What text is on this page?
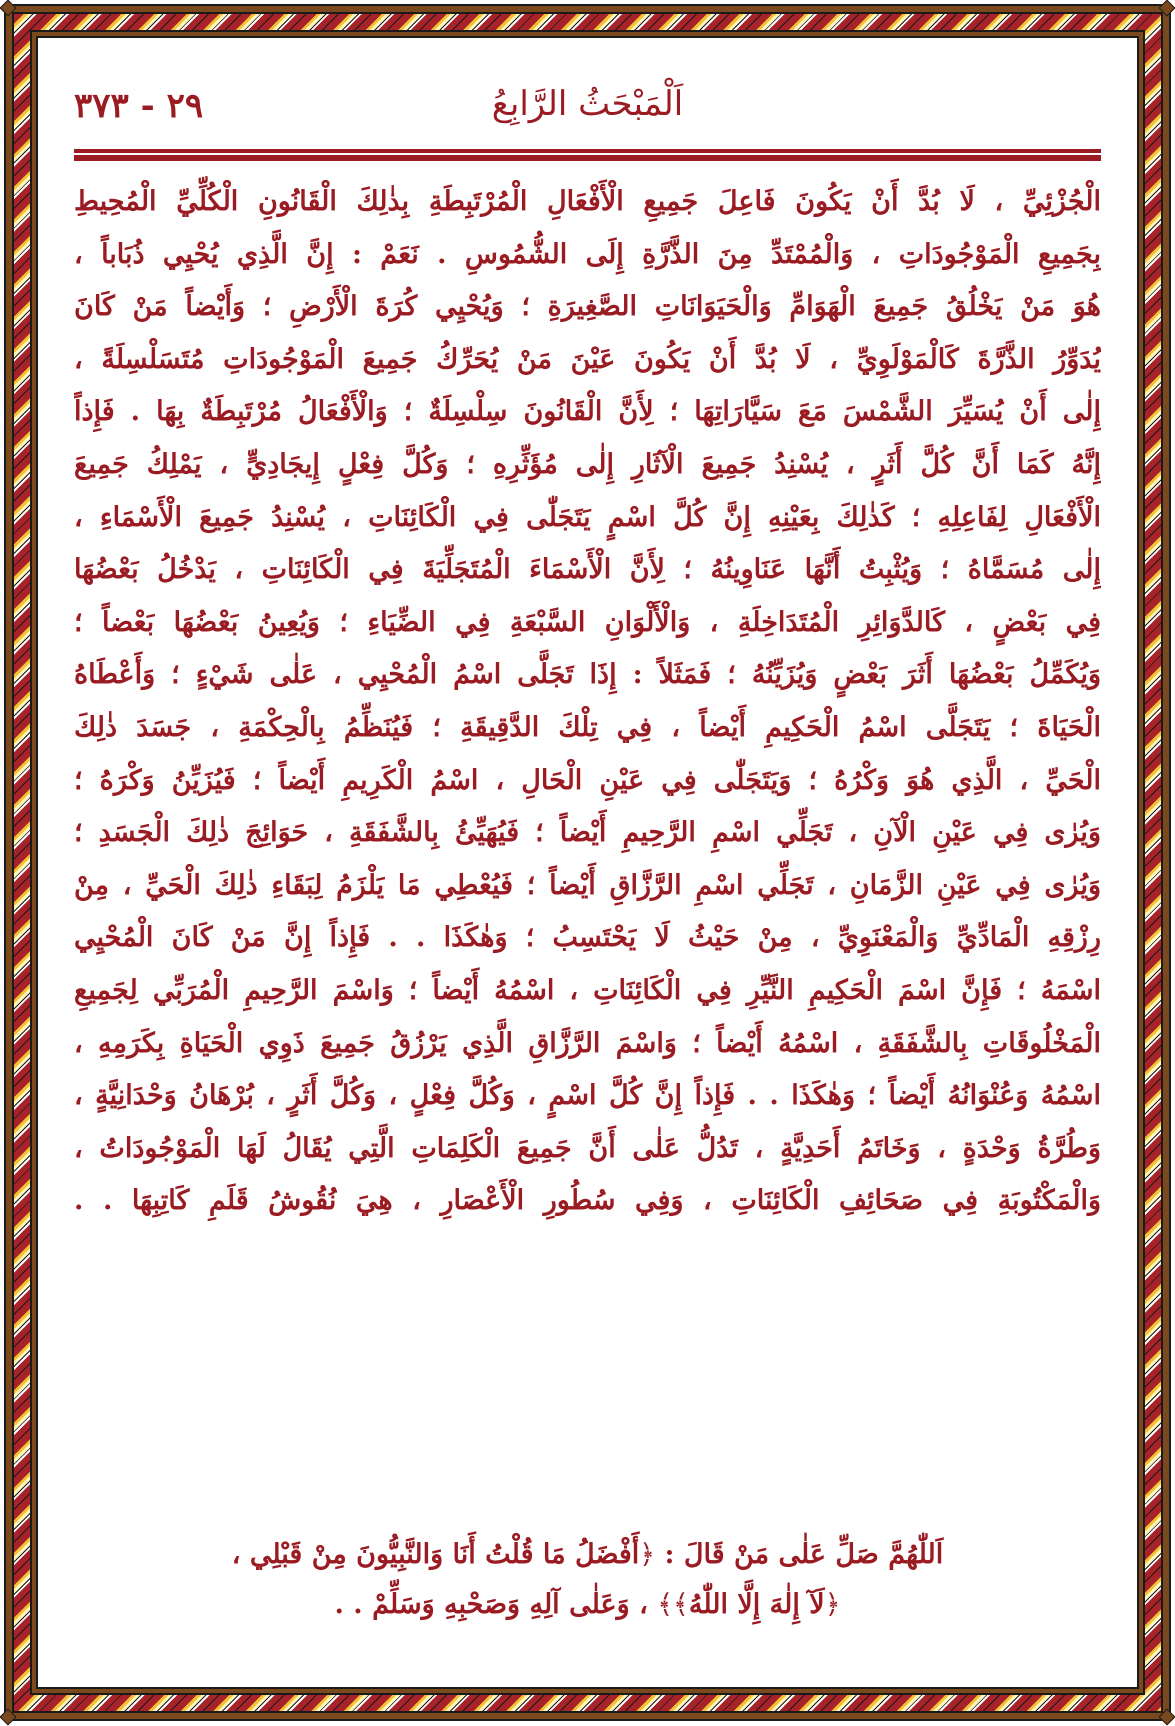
اَلْمَبْحَثُ الرَّابِعُ
٢٩ - ٣٧٣
الْجُزْئِيِّ ، لَا بُدَّ أَنْ يَكُونَ فَاعِلَ جَمِيعِ الْأَفْعَالِ الْمُرْتَبِطَةِ بِذٰلِكَ الْقَانُونِ الْكُلِّيِّ الْمُحِيطِ
بِجَمِيعِ الْمَوْجُودَاتِ ، وَالْمُمْتَدِّ مِنَ الذَّرَّةِ إِلَى الشُّمُوسِ . نَعَمْ : إِنَّ الَّذِي يُحْيِي ذُبَاباً ،
هُوَ مَنْ يَخْلُقُ جَمِيعَ الْهَوَامِّ وَالْحَيَوَانَاتِ الصَّغِيرَةِ ؛ وَيُحْيِي كُرَةَ الْأَرْضِ ؛ وَأَيْضاً مَنْ كَانَ
يُدَوِّرُ الذَّرَّةَ كَالْمَوْلَوِيِّ ، لَا بُدَّ أَنْ يَكُونَ عَيْنَ مَنْ يُحَرِّكُ جَمِيعَ الْمَوْجُودَاتِ مُتَسَلْسِلَةً ،
إِلٰى أَنْ يُسَيِّرَ الشَّمْسَ مَعَ سَيَّارَاتِهَا ؛ لِأَنَّ الْقَانُونَ سِلْسِلَةٌ ؛ وَالْأَفْعَالُ مُرْتَبِطَةٌ بِهَا . فَإِذاً
إِنَّهُ كَمَا أَنَّ كُلَّ أَثَرٍ ، يُسْنِدُ جَمِيعَ الْآثَارِ إِلٰى مُؤَثِّرِهِ ؛ وَكُلَّ فِعْلٍ إِيجَادِيٍّ ، يَمْلِكُ جَمِيعَ
الْأَفْعَالِ لِفَاعِلِهِ ؛ كَذٰلِكَ بِعَيْنِهِ إِنَّ كُلَّ اسْمٍ يَتَجَلّٰى فِي الْكَائِنَاتِ ، يُسْنِدُ جَمِيعَ الْأَسْمَاءِ ،
إِلٰى مُسَمَّاهُ ؛ وَيُثْبِتُ أَنَّهَا عَنَاوِينُهُ ؛ لِأَنَّ الْأَسْمَاءَ الْمُتَجَلِّيَةَ فِي الْكَائِنَاتِ ، يَدْخُلُ بَعْضُهَا
فِي بَعْضٍ ، كَالدَّوَائِرِ الْمُتَدَاخِلَةِ ، وَالْأَلْوَانِ السَّبْعَةِ فِي الضِّيَاءِ ؛ وَيُعِينُ بَعْضُهَا بَعْضاً ؛
وَيُكَمِّلُ بَعْضُهَا أَثَرَ بَعْضٍ وَيُزَيِّنُهُ ؛ فَمَثَلاً : إِذَا تَجَلَّى اسْمُ الْمُحْيِي ، عَلٰى شَيْءٍ ؛ وَأَعْطَاهُ
الْحَيَاةَ ؛ يَتَجَلَّى اسْمُ الْحَكِيمِ أَيْضاً ، فِي تِلْكَ الدَّقِيقَةِ ؛ فَيُنَظِّمُ بِالْحِكْمَةِ ، جَسَدَ ذٰلِكَ
الْحَيِّ ، الَّذِي هُوَ وَكْرُهُ ؛ وَيَتَجَلّٰى فِي عَيْنِ الْحَالِ ، اسْمُ الْكَرِيمِ أَيْضاً ؛ فَيُزَيِّنُ وَكْرَهُ ؛
وَيُرٰى فِي عَيْنِ الْآنِ ، تَجَلِّي اسْمِ الرَّحِيمِ أَيْضاً ؛ فَيُهَيِّئُ بِالشَّفَقَةِ ، حَوَائِجَ ذٰلِكَ الْجَسَدِ ؛
وَيُرٰى فِي عَيْنِ الزَّمَانِ ، تَجَلِّي اسْمِ الرَّزَّاقِ أَيْضاً ؛ فَيُعْطِي مَا يَلْزَمُ لِبَقَاءِ ذٰلِكَ الْحَيِّ ، مِنْ
رِزْقِهِ الْمَادِّيِّ وَالْمَعْنَوِيِّ ، مِنْ حَيْثُ لَا يَحْتَسِبُ ؛ وَهٰكَذَا . . فَإِذاً إِنَّ مَنْ كَانَ الْمُحْيِي
اسْمَهُ ؛ فَإِنَّ اسْمَ الْحَكِيمِ النَّيِّرِ فِي الْكَائِنَاتِ ، اسْمُهُ أَيْضاً ؛ وَاسْمَ الرَّحِيمِ الْمُرَبِّي لِجَمِيعِ
الْمَخْلُوقَاتِ بِالشَّفَقَةِ ، اسْمُهُ أَيْضاً ؛ وَاسْمَ الرَّزَّاقِ الَّذِي يَرْزُقُ جَمِيعَ ذَوِي الْحَيَاةِ بِكَرَمِهِ ،
اسْمُهُ وَعُنْوَانُهُ أَيْضاً ؛ وَهٰكَذَا . . فَإِذاً إِنَّ كُلَّ اسْمٍ ، وَكُلَّ فِعْلٍ ، وَكُلَّ أَثَرٍ ، بُرْهَانُ وَحْدَانِيَّةٍ ،
وَطُرَّةُ وَحْدَةٍ ، وَخَاتَمُ أَحَدِيَّةٍ ، تَدُلُّ عَلٰى أَنَّ جَمِيعَ الْكَلِمَاتِ الَّتِي يُقَالُ لَهَا الْمَوْجُودَاتُ ،
وَالْمَكْتُوبَةِ فِي صَحَائِفِ الْكَائِنَاتِ ، وَفِي سُطُورِ الْأَعْصَارِ ، هِيَ نُقُوشُ قَلَمِ كَاتِبِهَا . .
اَللّٰهُمَّ صَلِّ عَلٰى مَنْ قَالَ : ﴿أَفْضَلُ مَا قُلْتُ أَنَا وَالنَّبِيُّونَ مِنْ قَبْلِي ،
﴿لَآ إِلٰهَ إِلَّا اللّٰهُ﴾﴾ ، وَعَلٰى آلِهِ وَصَحْبِهِ وَسَلِّمْ . .
